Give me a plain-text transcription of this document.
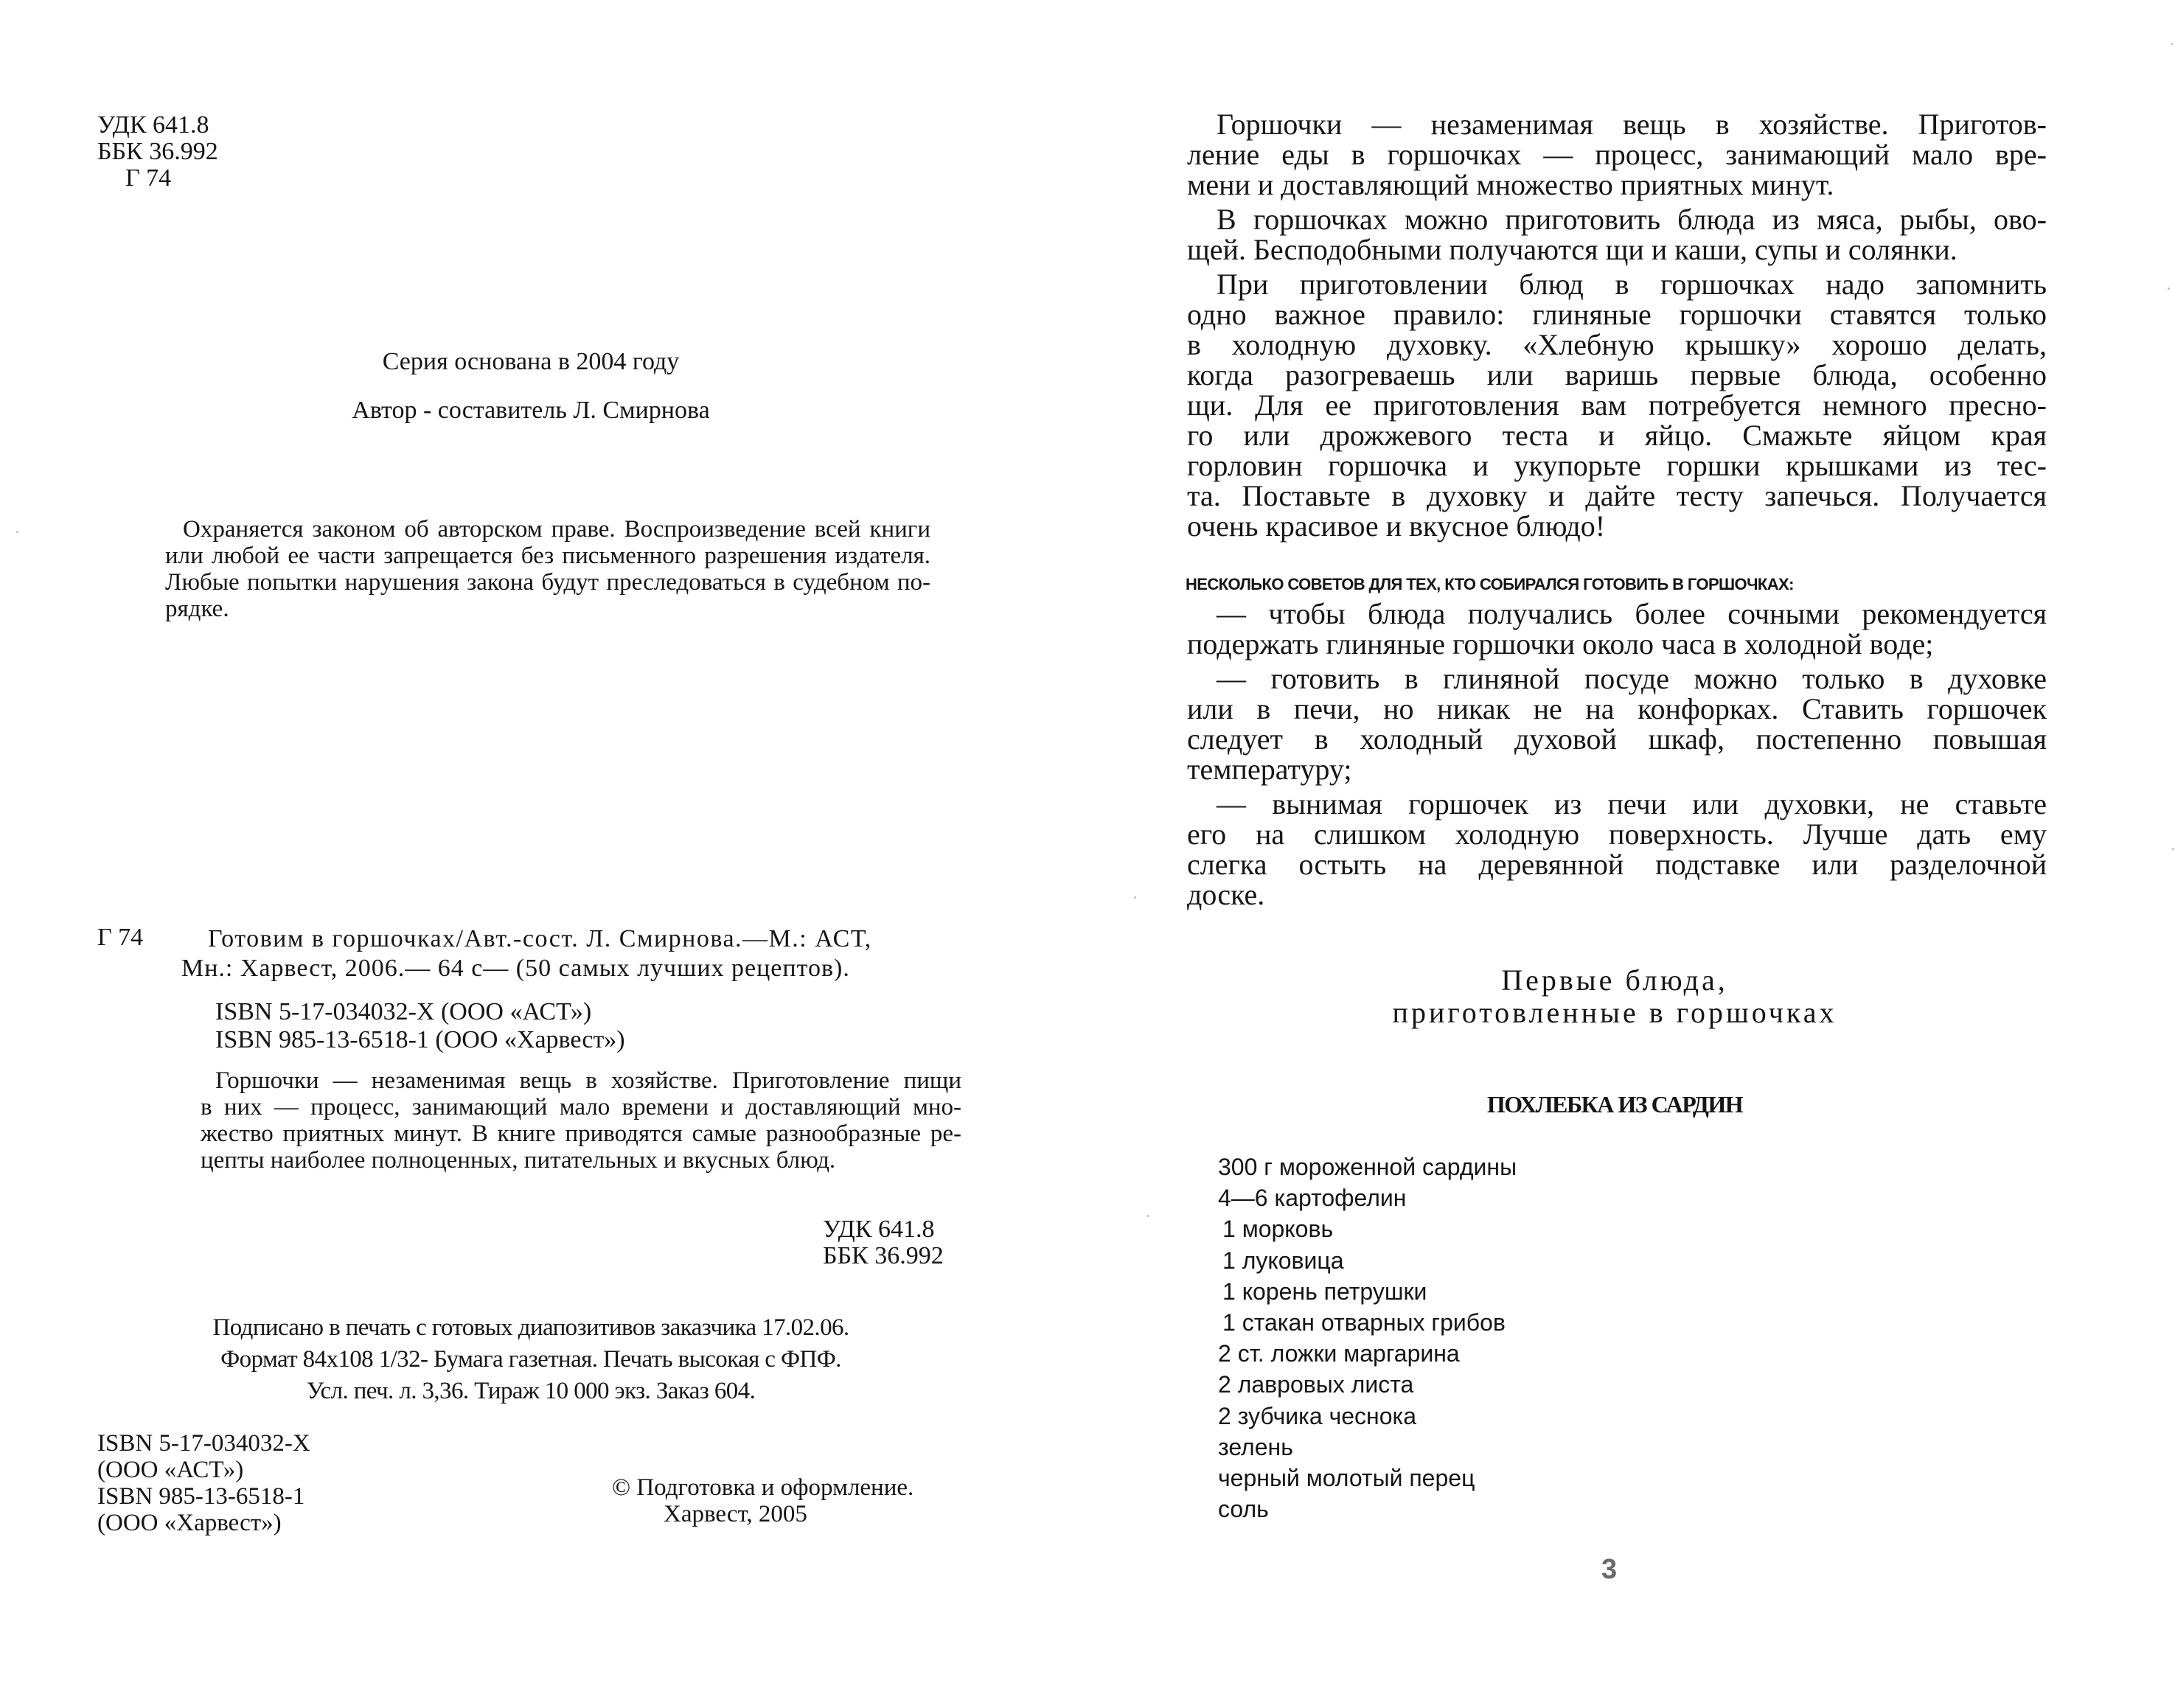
УДК 641.8
ББК 36.992
Г 74
Серия основана в 2004 году
Автор - составитель Л. Смирнова
Охраняется законом об авторском праве. Воспроизведение всей книги
или любой ее части запрещается без письменного разрешения издателя.
Любые попытки нарушения закона будут преследоваться в судебном по-
рядке.
Г 74	Готовим в горшочках/Авт.-сост. Л. Смирнова.—М.: АСТ,
Мн.: Харвест, 2006.— 64 с— (50 самых лучших рецептов).
ISBN 5-17-034032-X (ООО «АСТ»)
ISBN 985-13-6518-1 (ООО «Харвест»)
Горшочки — незаменимая вещь в хозяйстве. Приготовление пищи
в них — процесс, занимающий мало времени и доставляющий мно-
жество приятных минут. В книге приводятся самые разнообразные ре-
цепты наиболее полноценных, питательных и вкусных блюд.
УДК 641.8
ББК 36.992
Подписано в печать с готовых диапозитивов заказчика 17.02.06.
Формат 84x108 1/32- Бумага газетная. Печать высокая с ФПФ.
Усл. печ. л. 3,36. Тираж 10 000 экз. Заказ 604.
ISBN 5-17-034032-X
(ООО «АСТ»)
ISBN 985-13-6518-1
(ООО «Харвест»)
© Подготовка и оформление.
Харвест, 2005
Горшочки — незаменимая вещь в хозяйстве. Приготов-
ление еды в горшочках — процесс, занимающий мало вре-
мени и доставляющий множество приятных минут.
В горшочках можно приготовить блюда из мяса, рыбы, ово-
щей. Бесподобными получаются щи и каши, супы и солянки.
При приготовлении блюд в горшочках надо запомнить
одно важное правило: глиняные горшочки ставятся только
в холодную духовку. «Хлебную крышку» хорошо делать,
когда разогреваешь или варишь первые блюда, особенно
щи. Для ее приготовления вам потребуется немного пресно-
го или дрожжевого теста и яйцо. Смажьте яйцом края
горловин горшочка и укупорьте горшки крышками из тес-
та. Поставьте в духовку и дайте тесту запечься. Получается
очень красивое и вкусное блюдо!
НЕСКОЛЬКО СОВЕТОВ ДЛЯ ТЕХ, КТО СОБИРАЛСЯ ГОТОВИТЬ В ГОРШОЧКАХ:
— чтобы блюда получались более сочными рекомендуется
подержать глиняные горшочки около часа в холодной воде;
— готовить в глиняной посуде можно только в духовке
или в печи, но никак не на конфорках. Ставить горшочек
следует в холодный духовой шкаф, постепенно повышая
температуру;
— вынимая горшочек из печи или духовки, не ставьте
его на слишком холодную поверхность. Лучше дать ему
слегка остыть на деревянной подставке или разделочной
доске.
Первые блюда,
приготовленные в горшочках
ПОХЛЕБКА ИЗ САРДИН
300 г мороженной сардины
4—6 картофелин
1 морковь
1 луковица
1 корень петрушки
1 стакан отварных грибов
2 ст. ложки маргарина
2 лавровых листа
2 зубчика чеснока
зелень
черный молотый перец
соль
3
